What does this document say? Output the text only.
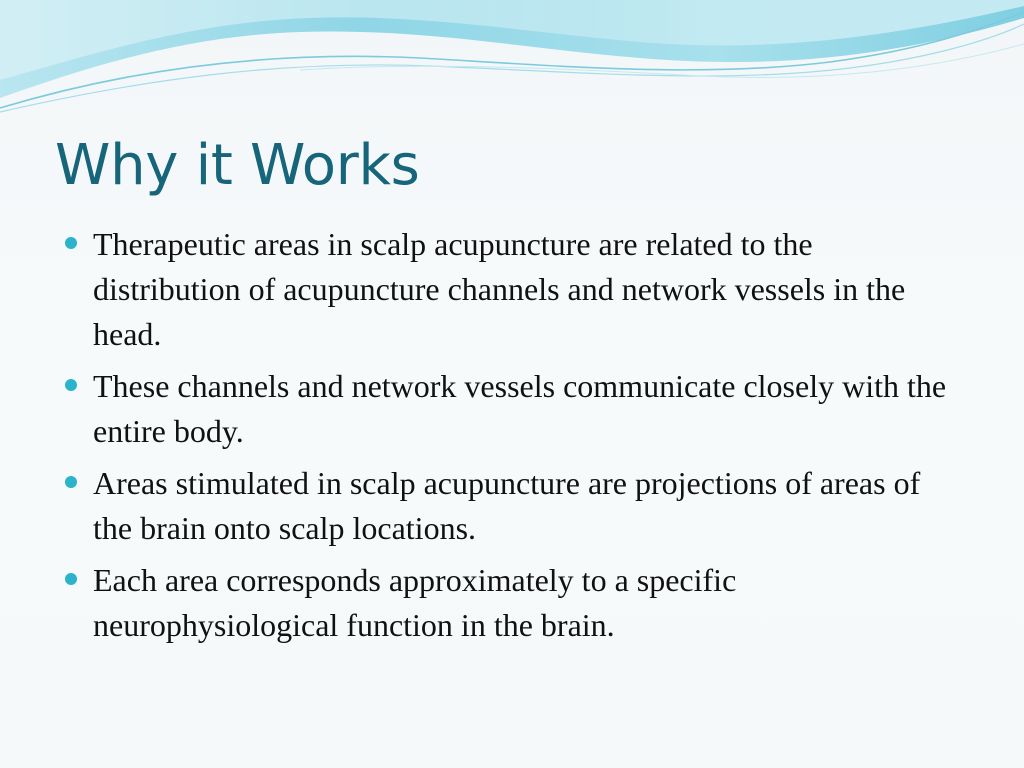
Why it Works
Therapeutic areas in scalp acupuncture are related to the distribution of acupuncture channels and network vessels in the head.
These channels and network vessels communicate closely with the entire body.
Areas stimulated in scalp acupuncture are projections of areas of the brain onto scalp locations.
Each area corresponds approximately to a specific neurophysiological function in the brain.
